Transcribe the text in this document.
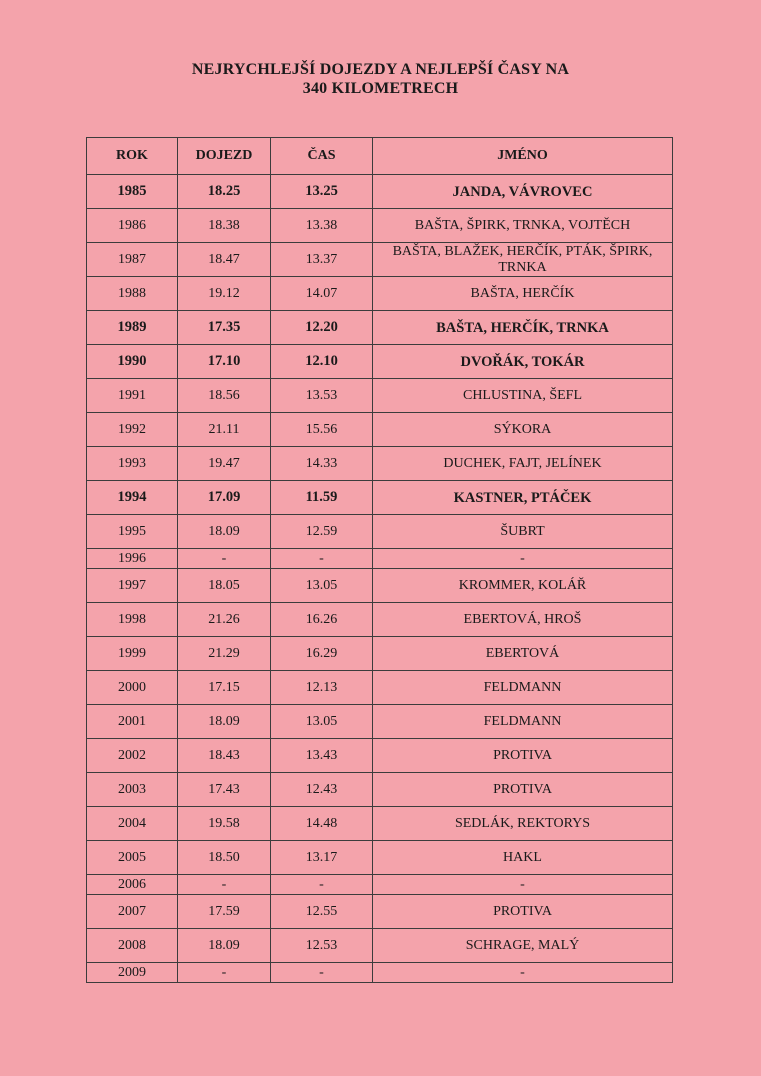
NEJRYCHLEJŠÍ DOJEZDY A NEJLEPŠÍ ČASY NA
340 KILOMETRECH
ROK	DOJEZD	ČAS	JMÉNO
1985	18.25	13.25	JANDA, VÁVROVEC
1986	18.38	13.38	BAŠTA, ŠPIRK, TRNKA, VOJTĚCH
1987	18.47	13.37	BAŠTA, BLAŽEK, HERČÍK, PTÁK, ŠPIRK, TRNKA
1988	19.12	14.07	BAŠTA, HERČÍK
1989	17.35	12.20	BAŠTA, HERČÍK, TRNKA
1990	17.10	12.10	DVOŘÁK, TOKÁR
1991	18.56	13.53	CHLUSTINA, ŠEFL
1992	21.11	15.56	SÝKORA
1993	19.47	14.33	DUCHEK, FAJT, JELÍNEK
1994	17.09	11.59	KASTNER, PTÁČEK
1995	18.09	12.59	ŠUBRT
1996	-	-	-
1997	18.05	13.05	KROMMER, KOLÁŘ
1998	21.26	16.26	EBERTOVÁ, HROŠ
1999	21.29	16.29	EBERTOVÁ
2000	17.15	12.13	FELDMANN
2001	18.09	13.05	FELDMANN
2002	18.43	13.43	PROTIVA
2003	17.43	12.43	PROTIVA
2004	19.58	14.48	SEDLÁK, REKTORYS
2005	18.50	13.17	HAKL
2006	-	-	-
2007	17.59	12.55	PROTIVA
2008	18.09	12.53	SCHRAGE, MALÝ
2009	-	-	-
